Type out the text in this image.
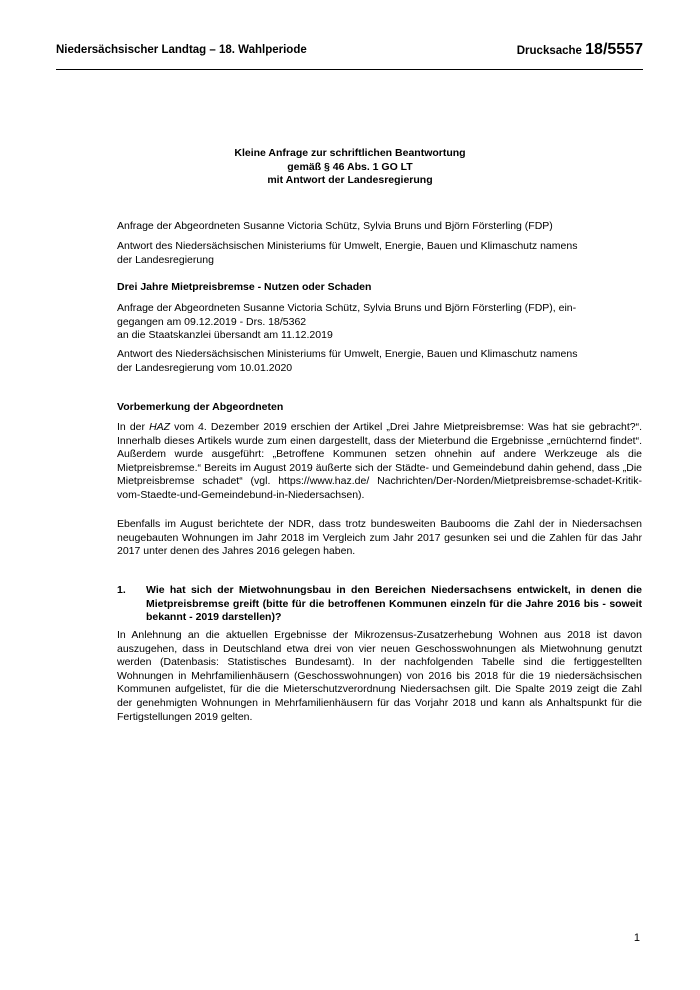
Niedersächsischer Landtag – 18. Wahlperiode	Drucksache 18/5557
Kleine Anfrage zur schriftlichen Beantwortung
gemäß § 46 Abs. 1 GO LT
mit Antwort der Landesregierung

Anfrage der Abgeordneten Susanne Victoria Schütz, Sylvia Bruns und Björn Försterling (FDP)

Antwort des Niedersächsischen Ministeriums für Umwelt, Energie, Bauen und Klimaschutz namens

der Landesregierung

Drei Jahre Mietpreisbremse - Nutzen oder Schaden

Anfrage der Abgeordneten Susanne Victoria Schütz, Sylvia Bruns und Björn Försterling (FDP), ein-

gegangen am 09.12.2019 - Drs. 18/5362

an die Staatskanzlei übersandt am 11.12.2019

Antwort des Niedersächsischen Ministeriums für Umwelt, Energie, Bauen und Klimaschutz namens

der Landesregierung vom 10.01.2020

Vorbemerkung der Abgeordneten

In der HAZ vom 4. Dezember 2019 erschien der Artikel „Drei Jahre Mietpreisbremse: Was hat sie gebracht?“. Innerhalb dieses Artikels wurde zum einen dargestellt, dass der Mieterbund die Ergebnisse „ernüchternd findet“. Außerdem wurde ausgeführt: „Betroffene Kommunen setzen ohnehin auf andere Werkzeuge als die Mietpreisbremse.“ Bereits im August 2019 äußerte sich der Städte- und Gemeindebund dahin gehend, dass „Die Mietpreisbremse schadet“ (vgl. https://www.haz.de/ Nachrichten/Der-Norden/Mietpreisbremse-schadet-Kritik-vom-Staedte-und-Gemeindebund-in-Niedersachsen).

Ebenfalls im August berichtete der NDR, dass trotz bundesweiten Baubooms die Zahl der in Niedersachsen neugebauten Wohnungen im Jahr 2018 im Vergleich zum Jahr 2017 gesunken sei und die Zahlen für das Jahr 2017 unter denen des Jahres 2016 gelegen haben.

1. Wie hat sich der Mietwohnungsbau in den Bereichen Niedersachsens entwickelt, in denen die Mietpreisbremse greift (bitte für die betroffenen Kommunen einzeln für die Jahre 2016 bis - soweit bekannt - 2019 darstellen)?

In Anlehnung an die aktuellen Ergebnisse der Mikrozensus-Zusatzerhebung Wohnen aus 2018 ist davon auszugehen, dass in Deutschland etwa drei von vier neuen Geschosswohnungen als Mietwohnung genutzt werden (Datenbasis: Statistisches Bundesamt). In der nachfolgenden Tabelle sind die fertiggestellten Wohnungen in Mehrfamilienhäusern (Geschosswohnungen) von 2016 bis 2018 für die 19 niedersächsischen Kommunen aufgelistet, für die die Mieterschutzverordnung Niedersachsen gilt. Die Spalte 2019 zeigt die Zahl der genehmigten Wohnungen in Mehrfamilienhäusern für das Vorjahr 2018 und kann als Anhaltspunkt für die Fertigstellungen 2019 gelten.

1
